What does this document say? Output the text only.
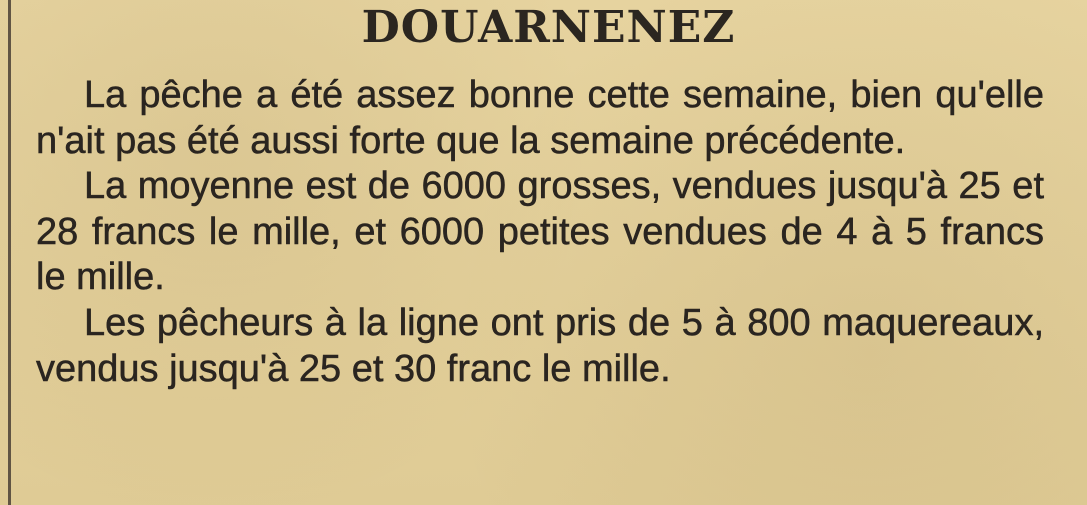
DOUARNENEZ

La pêche a été assez bonne cette semaine, bien qu'elle n'ait pas été aussi forte que la semaine précédente.

La moyenne est de 6000 grosses, vendues jusqu'à 25 et 28 francs le mille, et 6000 petites vendues de 4 à 5 francs le mille.

Les pêcheurs à la ligne ont pris de 5 à 800 maquereaux, vendus jusqu'à 25 et 30 franc le mille.
